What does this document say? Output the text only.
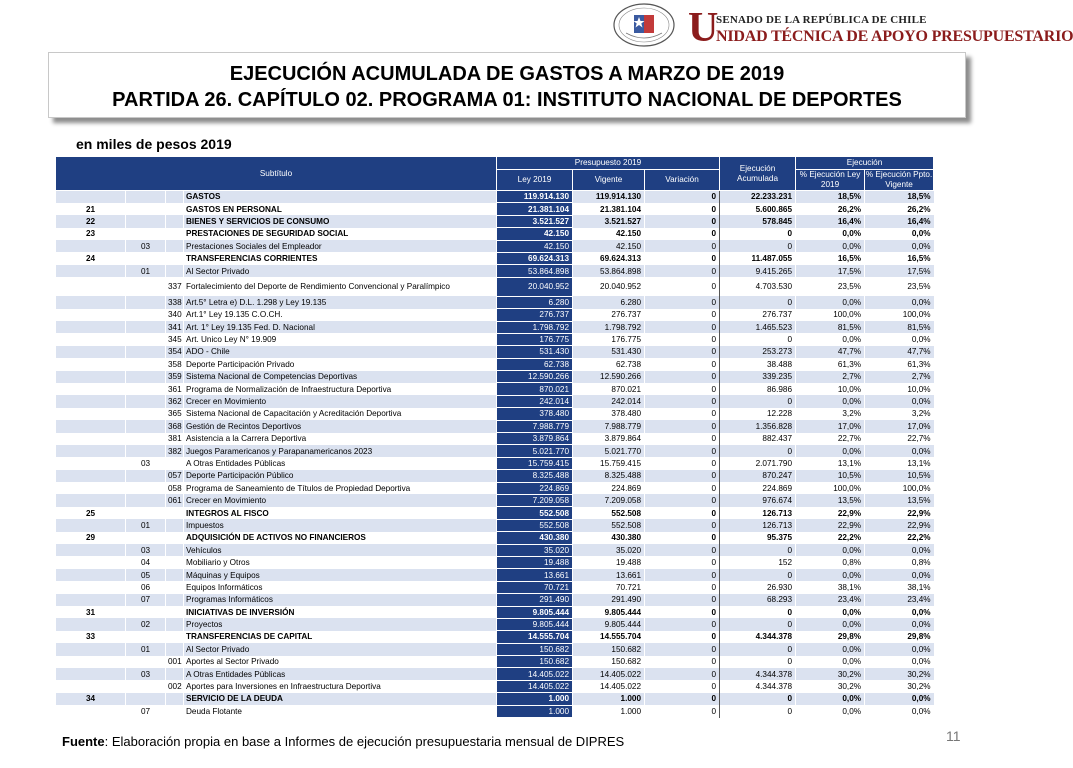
U
SENADO DE LA REPÚBLICA DE CHILE
NIDAD TÉCNICA DE APOYO PRESUPUESTARIO
EJECUCIÓN ACUMULADA DE GASTOS A MARZO DE 2019
PARTIDA 26. CAPÍTULO 02. PROGRAMA 01: INSTITUTO NACIONAL DE DEPORTES
en miles de pesos 2019
Subtítulo				Presupuesto 2019			Ejecución Acumulada	Ejecución	
				Ley 2019	Vigente	Variación		% Ejecución Ley 2019	% Ejecución Ppto. Vigente

			GASTOS	119.914.130	119.914.130	0	22.233.231	18,5%	18,5%
21			GASTOS EN PERSONAL	21.381.104	21.381.104	0	5.600.865	26,2%	26,2%
22			BIENES Y SERVICIOS DE CONSUMO	3.521.527	3.521.527	0	578.845	16,4%	16,4%
23			PRESTACIONES DE SEGURIDAD SOCIAL	42.150	42.150	0	0	0,0%	0,0%
	03		Prestaciones Sociales del Empleador	42.150	42.150	0	0	0,0%	0,0%
24			TRANSFERENCIAS CORRIENTES	69.624.313	69.624.313	0	11.487.055	16,5%	16,5%
	01		Al Sector Privado	53.864.898	53.864.898	0	9.415.265	17,5%	17,5%
		337	Fortalecimiento del Deporte de Rendimiento Convencional y Paralímpico	20.040.952	20.040.952	0	4.703.530	23,5%	23,5%
		338	Art.5° Letra e) D.L. 1.298 y Ley 19.135	6.280	6.280	0	0	0,0%	0,0%
		340	Art.1° Ley 19.135 C.O.CH.	276.737	276.737	0	276.737	100,0%	100,0%
		341	Art. 1° Ley 19.135 Fed. D. Nacional	1.798.792	1.798.792	0	1.465.523	81,5%	81,5%
		345	Art. Unico Ley N° 19.909	176.775	176.775	0	0	0,0%	0,0%
		354	ADO - Chile	531.430	531.430	0	253.273	47,7%	47,7%
		358	Deporte Participación Privado	62.738	62.738	0	38.488	61,3%	61,3%
		359	Sistema Nacional de Competencias Deportivas	12.590.266	12.590.266	0	339.235	2,7%	2,7%
		361	Programa de Normalización de Infraestructura Deportiva	870.021	870.021	0	86.986	10,0%	10,0%
		362	Crecer en Movimiento	242.014	242.014	0	0	0,0%	0,0%
		365	Sistema Nacional de Capacitación y Acreditación Deportiva	378.480	378.480	0	12.228	3,2%	3,2%
		368	Gestión de Recintos Deportivos	7.988.779	7.988.779	0	1.356.828	17,0%	17,0%
		381	Asistencia a la Carrera Deportiva	3.879.864	3.879.864	0	882.437	22,7%	22,7%
		382	Juegos Paramericanos y Parapanamericanos 2023	5.021.770	5.021.770	0	0	0,0%	0,0%
	03		A Otras Entidades Públicas	15.759.415	15.759.415	0	2.071.790	13,1%	13,1%
		057	Deporte Participación Público	8.325.488	8.325.488	0	870.247	10,5%	10,5%
		058	Programa de Saneamiento de Títulos de Propiedad Deportiva	224.869	224.869	0	224.869	100,0%	100,0%
		061	Crecer en Movimiento	7.209.058	7.209.058	0	976.674	13,5%	13,5%
25			INTEGROS AL FISCO	552.508	552.508	0	126.713	22,9%	22,9%
	01		Impuestos	552.508	552.508	0	126.713	22,9%	22,9%
29			ADQUISICIÓN DE ACTIVOS NO FINANCIEROS	430.380	430.380	0	95.375	22,2%	22,2%
	03		Vehículos	35.020	35.020	0	0	0,0%	0,0%
	04		Mobiliario y Otros	19.488	19.488	0	152	0,8%	0,8%
	05		Máquinas y Equipos	13.661	13.661	0	0	0,0%	0,0%
	06		Equipos Informáticos	70.721	70.721	0	26.930	38,1%	38,1%
	07		Programas Informáticos	291.490	291.490	0	68.293	23,4%	23,4%
31			INICIATIVAS DE INVERSIÓN	9.805.444	9.805.444	0	0	0,0%	0,0%
	02		Proyectos	9.805.444	9.805.444	0	0	0,0%	0,0%
33			TRANSFERENCIAS DE CAPITAL	14.555.704	14.555.704	0	4.344.378	29,8%	29,8%
	01		Al Sector Privado	150.682	150.682	0	0	0,0%	0,0%
		001	Aportes al Sector Privado	150.682	150.682	0	0	0,0%	0,0%
	03		A Otras Entidades Públicas	14.405.022	14.405.022	0	4.344.378	30,2%	30,2%
		002	Aportes para Inversiones en Infraestructura Deportiva	14.405.022	14.405.022	0	4.344.378	30,2%	30,2%
34			SERVICIO DE LA DEUDA	1.000	1.000	0	0	0,0%	0,0%
	07		Deuda Flotante	1.000	1.000	0	0	0,0%	0,0%
Fuente: Elaboración propia en base a Informes de ejecución presupuestaria mensual de DIPRES	11
